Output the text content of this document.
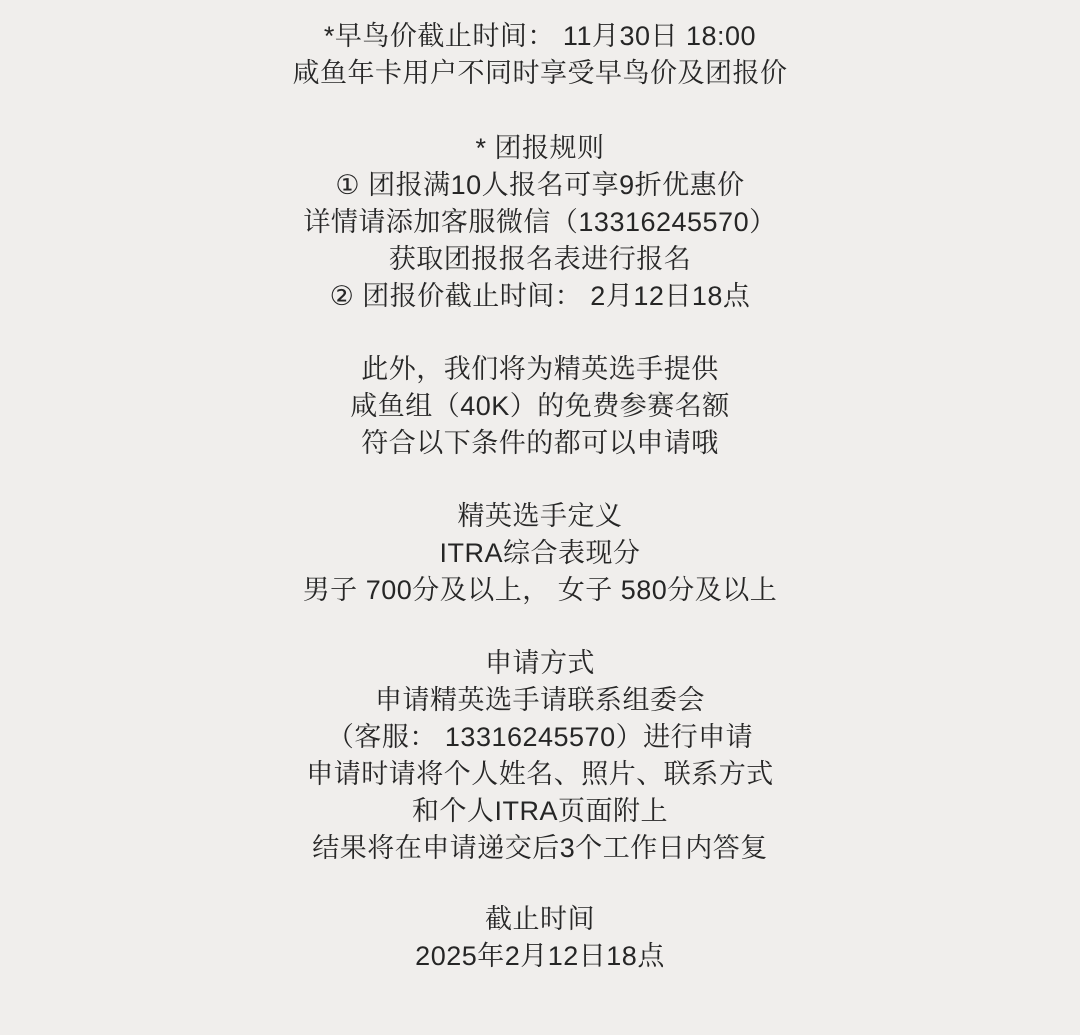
*早鸟价截止时间： 11月30日 18:00
咸鱼年卡用户不同时享受早鸟价及团报价
* 团报规则
① 团报满10人报名可享9折优惠价
详情请添加客服微信（13316245570）
获取团报报名表进行报名
② 团报价截止时间： 2月12日18点
此外，我们将为精英选手提供
咸鱼组（40K）的免费参赛名额
符合以下条件的都可以申请哦
精英选手定义
ITRA综合表现分
男子 700分及以上， 女子 580分及以上
申请方式
申请精英选手请联系组委会
（客服： 13316245570）进行申请
申请时请将个人姓名、照片、联系方式
和个人ITRA页面附上
结果将在申请递交后3个工作日内答复
截止时间
2025年2月12日18点
